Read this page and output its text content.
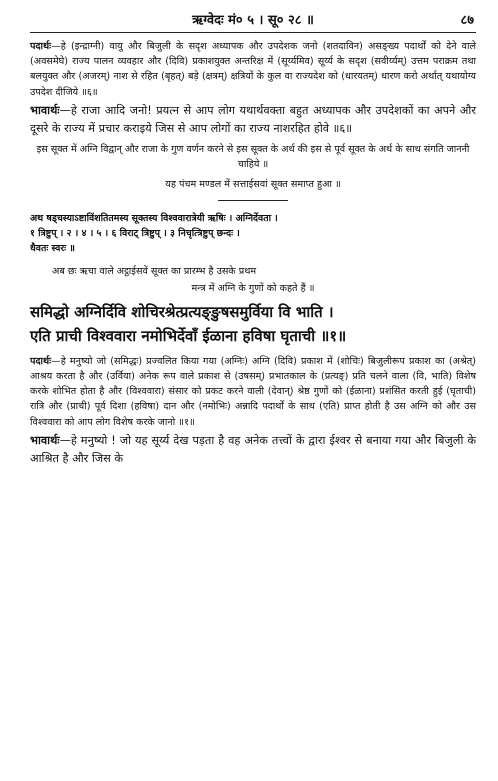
ऋग्वेदः मं० ५ । सू० २८ ॥	८७

पदार्थः—हे (इन्द्राग्नी) वायु और बिजुली के सदृश अध्यापक और उपदेशक जनो (शतदाविन) असङ्ख्य पदार्थों को देने वाले (अवसमेघे) राज्य पालन व्यवहार और (दिवि) प्रकाशयुक्त अन्तरिक्ष में (सूर्य्यमिव) सूर्य्य के सदृश (सवीर्य्यम्) उत्तम पराक्रम तथा बलयुक्त और (अजरम्) नाश से रहित (बृहत्) बड़े (क्षत्रम्) क्षत्रियों के कुल वा राज्यदेश को (धारयतम्) धारण करो अर्थात् यथायोग्य उपदेश दीजिये ॥६॥

भावार्थः—हे राजा आदि जनो! प्रयत्न से आप लोग यथार्थवक्ता बहुत अध्यापक और उपदेशकों का अपने और दूसरे के राज्य में प्रचार कराइये जिस से आप लोगों का राज्य नाशरहित होवे ॥६॥

इस सूक्त में अग्नि विद्वान् और राजा के गुण वर्णन करने से इस सूक्त के अर्थ की इस से पूर्व सूक्त के अर्थ के साथ संगति जाननी चाहिये ॥

यह पंचम मण्डल में सत्ताईसवां सूक्त समाप्त हुआ ॥

अथ षड्चस्याऽष्टाविंशतितमस्य सूक्तस्य विश्ववारात्रेयी ऋषिः । अग्निर्देवता ।

१ त्रिष्टुप् । २ । ४ । ५ । ६ विराट् त्रिष्टुप् । ३ निचृत्त्रिष्टुप् छन्दः ।

धैवतः स्वरः ॥

अब छः ऋचा वाले अट्ठाईसवें सूक्त का प्रारम्भ है उसके प्रथम

मन्त्र में अग्नि के गुणों को कहते हैं ॥

समिद्धो अग्निर्दिवि शोचिरश्रेत्प्रत्यङ्ङुषसमुर्विया वि भाति ।

एति प्राची विश्ववारा नमोभिर्देवाँ ईळाना हविषा घृताची ॥१॥

पदार्थः—हे मनुष्यो जो (समिद्धः) प्रज्वलित किया गया (अग्निः) अग्नि (दिवि) प्रकाश में (शोचिः) बिजुलीरूप प्रकाश का (अश्रेत्) आश्रय करता है और (उर्विया) अनेक रूप वाले प्रकाश से (उषसम्) प्रभातकाल के (प्रत्यङ्) प्रति चलने वाला (वि, भाति) विशेष करके शोभित होता है और (विश्ववारा) संसार को प्रकट करने वाली (देवान्) श्रेष्ठ गुणों को (ईळाना) प्रशंसित करती हुई (घृताची) रात्रि और (प्राची) पूर्व दिशा (हविषा) दान और (नमोभिः) अन्नादि पदार्थों के साथ (एति) प्राप्त होती है उस अग्नि को और उस विश्ववारा को आप लोग विशेष करके जानो ॥१॥

भावार्थः—हे मनुष्यो ! जो यह सूर्य्य देख पड़ता है वह अनेक तत्त्वों के द्वारा ईश्वर से बनाया गया और बिजुली के आश्रित है और जिस के
